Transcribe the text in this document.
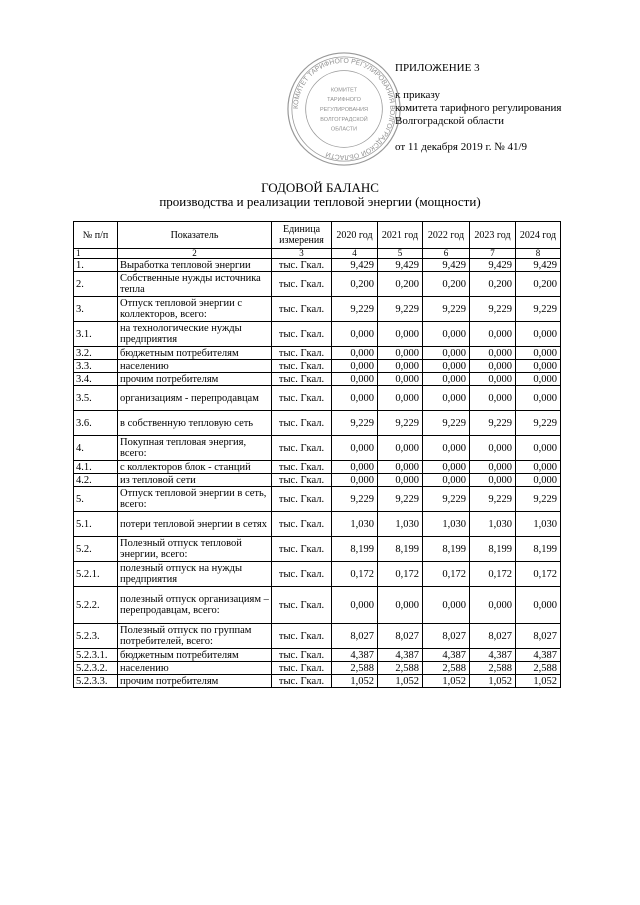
ПРИЛОЖЕНИЕ 3
к приказу
комитета тарифного регулирования
Волгоградской области
от 11 декабря 2019 г. № 41/9
КОМИТЕТ ТАРИФНОГО РЕГУЛИРОВАНИЯ ВОЛГОГРАДСКОЙ ОБЛАСТИ
КОМИТЕТ
ТАРИФНОГО
РЕГУЛИРОВАНИЯ
ВОЛГОГРАДСКОЙ
ОБЛАСТИ
ГОДОВОЙ БАЛАНС
производства и реализации тепловой энергии (мощности)
№ п/п	Показатель	Единица измерения	2020 год	2021 год	2022 год	2023 год	2024 год
1	2	3	4	5	6	7	8
1.	Выработка тепловой энергии	тыс. Гкал.	9,429	9,429	9,429	9,429	9,429
2.	Собственные нужды источника тепла	тыс. Гкал.	0,200	0,200	0,200	0,200	0,200
3.	Отпуск тепловой энергии с коллекторов, всего:	тыс. Гкал.	9,229	9,229	9,229	9,229	9,229
3.1.	на технологические нужды предприятия	тыс. Гкал.	0,000	0,000	0,000	0,000	0,000
3.2.	бюджетным потребителям	тыс. Гкал.	0,000	0,000	0,000	0,000	0,000
3.3.	населению	тыс. Гкал.	0,000	0,000	0,000	0,000	0,000
3.4.	прочим потребителям	тыс. Гкал.	0,000	0,000	0,000	0,000	0,000
3.5.	организациям - перепродавцам	тыс. Гкал.	0,000	0,000	0,000	0,000	0,000
3.6.	в собственную тепловую сеть	тыс. Гкал.	9,229	9,229	9,229	9,229	9,229
4.	Покупная тепловая энергия, всего:	тыс. Гкал.	0,000	0,000	0,000	0,000	0,000
4.1.	с коллекторов блок - станций	тыс. Гкал.	0,000	0,000	0,000	0,000	0,000
4.2.	из тепловой сети	тыс. Гкал.	0,000	0,000	0,000	0,000	0,000
5.	Отпуск тепловой энергии в сеть, всего:	тыс. Гкал.	9,229	9,229	9,229	9,229	9,229
5.1.	потери тепловой энергии в сетях	тыс. Гкал.	1,030	1,030	1,030	1,030	1,030
5.2.	Полезный отпуск тепловой энергии, всего:	тыс. Гкал.	8,199	8,199	8,199	8,199	8,199
5.2.1.	полезный отпуск на нужды предприятия	тыс. Гкал.	0,172	0,172	0,172	0,172	0,172
5.2.2.	полезный отпуск организациям – перепродавцам, всего:	тыс. Гкал.	0,000	0,000	0,000	0,000	0,000
5.2.3.	Полезный отпуск по группам потребителей, всего:	тыс. Гкал.	8,027	8,027	8,027	8,027	8,027
5.2.3.1.	бюджетным потребителям	тыс. Гкал.	4,387	4,387	4,387	4,387	4,387
5.2.3.2.	населению	тыс. Гкал.	2,588	2,588	2,588	2,588	2,588
5.2.3.3.	прочим потребителям	тыс. Гкал.	1,052	1,052	1,052	1,052	1,052
